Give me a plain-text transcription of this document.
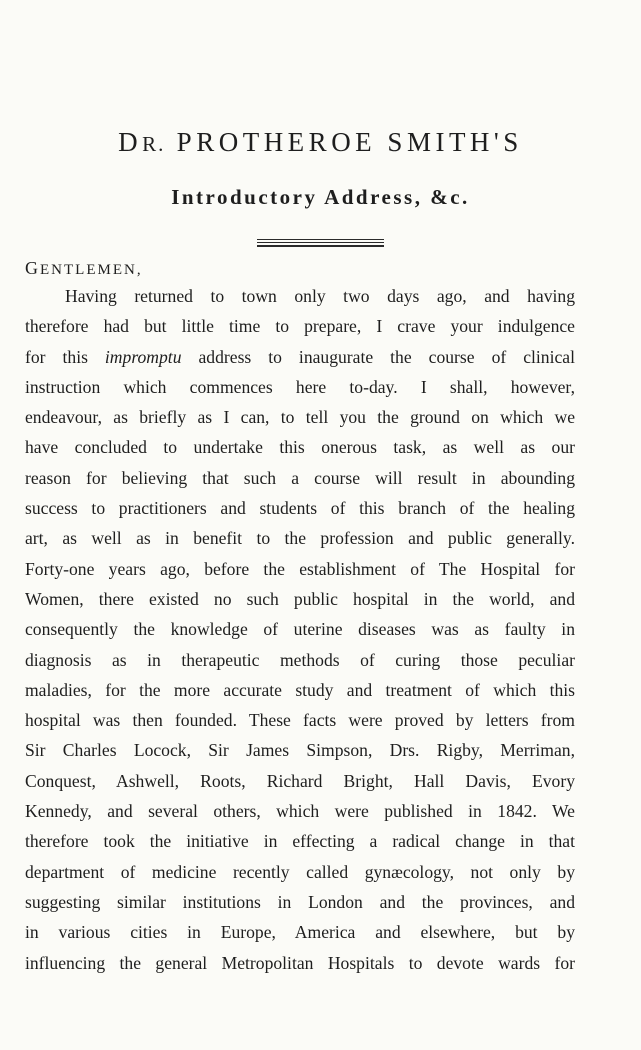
DR. PROTHEROE SMITH'S
Introductory Address, &c.
GENTLEMEN,
Having returned to town only two days ago, and having
therefore had but little time to prepare, I crave your indulgence
for this impromptu address to inaugurate the course of clinical
instruction which commences here to-day. I shall, however,
endeavour, as briefly as I can, to tell you the ground on which we
have concluded to undertake this onerous task, as well as our
reason for believing that such a course will result in abounding
success to practitioners and students of this branch of the healing
art, as well as in benefit to the profession and public generally.
Forty-one years ago, before the establishment of The Hospital for
Women, there existed no such public hospital in the world, and
consequently the knowledge of uterine diseases was as faulty in
diagnosis as in therapeutic methods of curing those peculiar
maladies, for the more accurate study and treatment of which this
hospital was then founded. These facts were proved by letters from
Sir Charles Locock, Sir James Simpson, Drs. Rigby, Merriman,
Conquest, Ashwell, Roots, Richard Bright, Hall Davis, Evory
Kennedy, and several others, which were published in 1842. We
therefore took the initiative in effecting a radical change in that
department of medicine recently called gynæcology, not only by
suggesting similar institutions in London and the provinces, and
in various cities in Europe, America and elsewhere, but by
influencing the general Metropolitan Hospitals to devote wards for
